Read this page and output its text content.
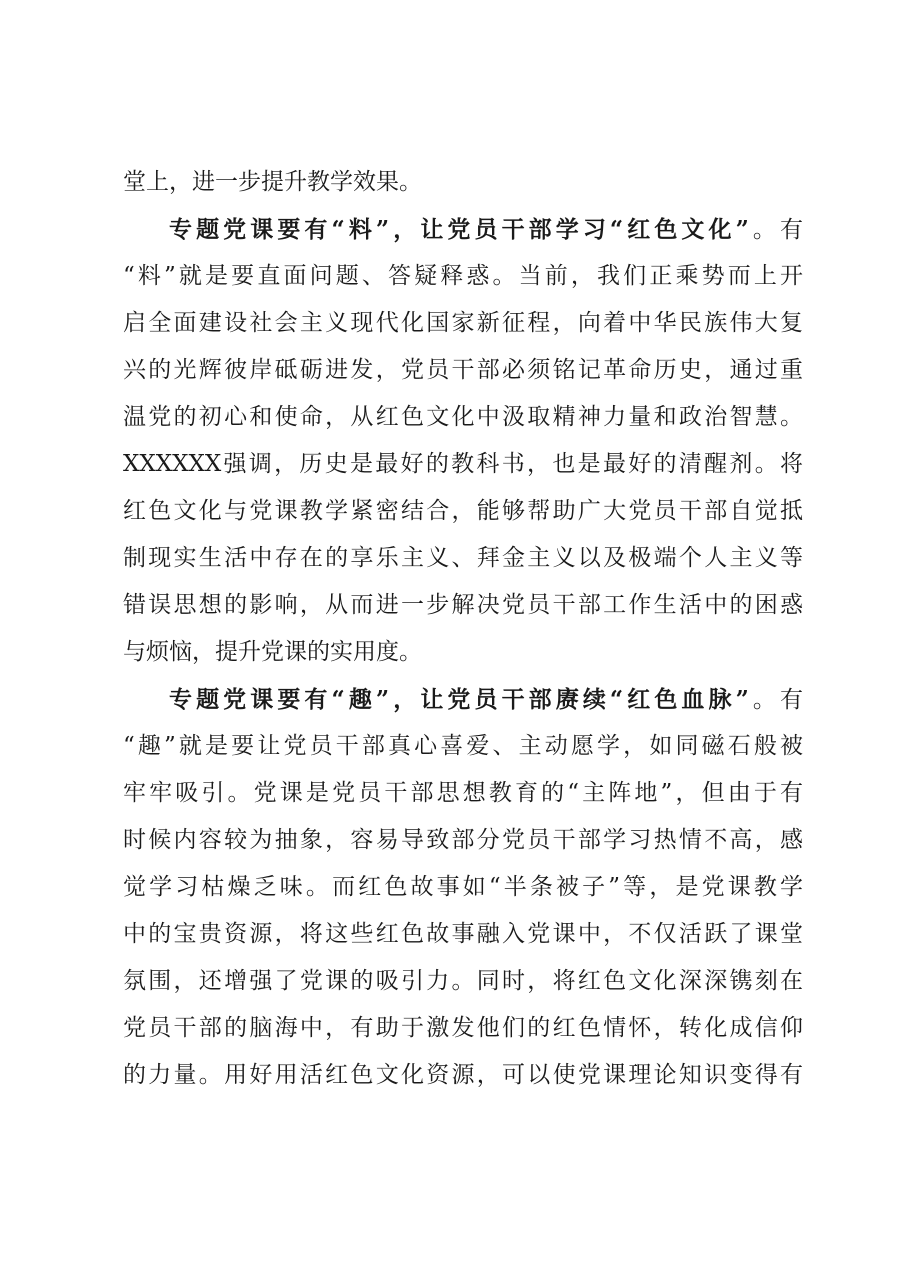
堂上，进一步提升教学效果。
专题党课要有“料”，让党员干部学习“红色文化”。有
“料”就是要直面问题、答疑释惑。当前，我们正乘势而上开
启全面建设社会主义现代化国家新征程，向着中华民族伟大复
兴的光辉彼岸砥砺进发，党员干部必须铭记革命历史，通过重
温党的初心和使命，从红色文化中汲取精神力量和政治智慧。
XXXXXX强调，历史是最好的教科书，也是最好的清醒剂。将
红色文化与党课教学紧密结合，能够帮助广大党员干部自觉抵
制现实生活中存在的享乐主义、拜金主义以及极端个人主义等
错误思想的影响，从而进一步解决党员干部工作生活中的困惑
与烦恼，提升党课的实用度。
专题党课要有“趣”，让党员干部赓续“红色血脉”。有
“趣”就是要让党员干部真心喜爱、主动愿学，如同磁石般被
牢牢吸引。党课是党员干部思想教育的“主阵地”，但由于有
时候内容较为抽象，容易导致部分党员干部学习热情不高，感
觉学习枯燥乏味。而红色故事如“半条被子”等，是党课教学
中的宝贵资源，将这些红色故事融入党课中，不仅活跃了课堂
氛围，还增强了党课的吸引力。同时，将红色文化深深镌刻在
党员干部的脑海中，有助于激发他们的红色情怀，转化成信仰
的力量。用好用活红色文化资源，可以使党课理论知识变得有
